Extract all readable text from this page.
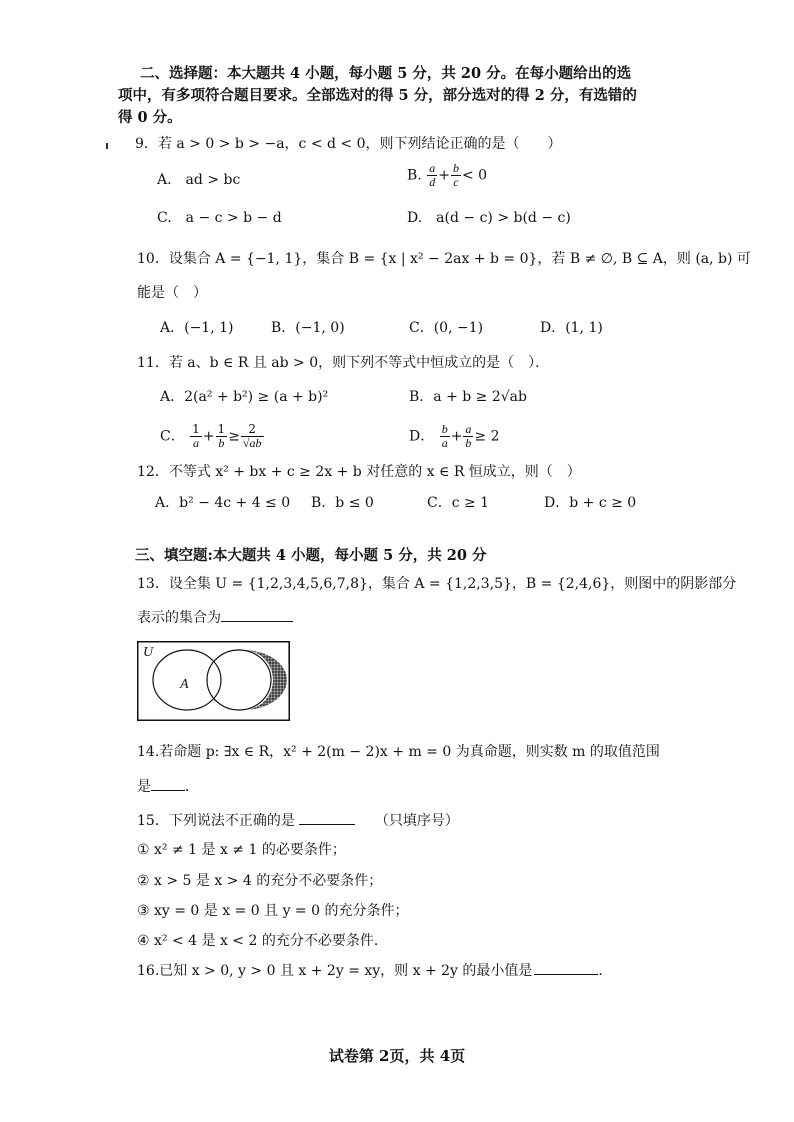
二、选择题：本大题共 4 小题，每小题 5 分，共 20 分。在每小题给出的选
项中，有多项符合题目要求。全部选对的得 5 分，部分选对的得 2 分，有选错的
得 0 分。
9．若 a > 0 > b > −a，c < d < 0，则下列结论正确的是（　　）
A.　ad > bc	B. $\frac{a}{d} + \frac{b}{c} < 0$
C.　a − c > b − d	D.　a(d − c) > b(d − c)
10．设集合 A = {−1, 1}，集合 B = {x | x² − 2ax + b = 0}，若 B ≠ ∅, B ⊆ A，则 (a, b) 可
能是（　）
A．(−1, 1)	B．(−1, 0)	C．(0, −1)	D．(1, 1)
11．若 a、b ∈ R 且 ab > 0，则下列不等式中恒成立的是（　）．
A．2(a² + b²) ≥ (a + b)²	B．a + b ≥ 2√ab
C． $\frac{1}{a} + \frac{1}{b} \ge \frac{2}{√ab}$	D． $\frac{b}{a} + \frac{a}{b} \ge 2$
12．不等式 x² + bx + c ≥ 2x + b 对任意的 x ∈ R 恒成立，则（　）
A．b² − 4c + 4 ≤ 0 B．b ≤ 0	C．c ≥ 1	D．b + c ≥ 0
三、填空题:本大题共 4 小题，每小题 5 分，共 20 分
13．设全集 U = {1,2,3,4,5,6,7,8}，集合 A = {1,2,3,5}，B = {2,4,6}，则图中的阴影部分
表示的集合为
U
A
14.若命题 p: ∃x ∈ R，x² + 2(m − 2)x + m = 0 为真命题，则实数 m 的取值范围
是 ．
15．下列说法不正确的是	（只填序号）
① x² ≠ 1 是 x ≠ 1 的必要条件；
② x > 5 是 x > 4 的充分不必要条件；
③ xy = 0 是 x = 0 且 y = 0 的充分条件；
④ x² < 4 是 x < 2 的充分不必要条件．
16.已知 x > 0, y > 0 且 x + 2y = xy，则 x + 2y 的最小值是	．
试卷第 2页，共 4页
